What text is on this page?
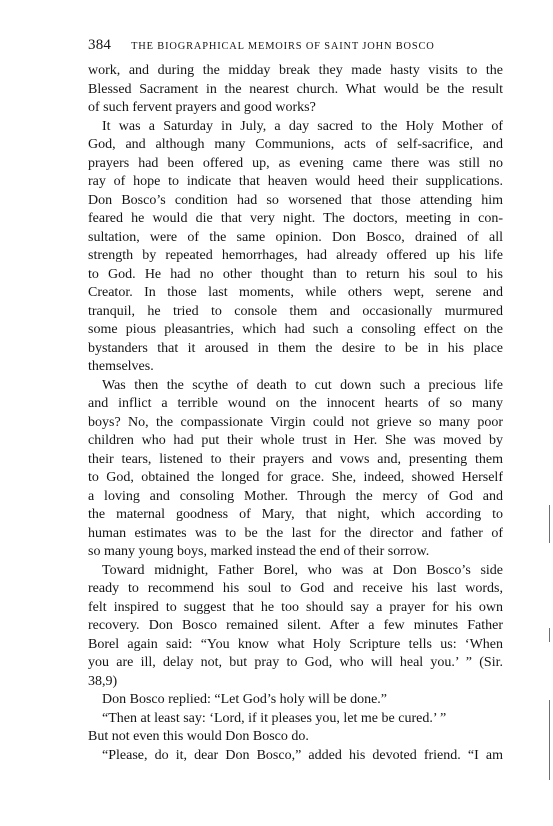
384 THE BIOGRAPHICAL MEMOIRS OF SAINT JOHN BOSCO
work, and during the midday break they made hasty visits to the
Blessed Sacrament in the nearest church. What would be the result
of such fervent prayers and good works?
It was a Saturday in July, a day sacred to the Holy Mother of
God, and although many Communions, acts of self-sacrifice, and
prayers had been offered up, as evening came there was still no
ray of hope to indicate that heaven would heed their supplications.
Don Bosco’s condition had so worsened that those attending him
feared he would die that very night. The doctors, meeting in con-
sultation, were of the same opinion. Don Bosco, drained of all
strength by repeated hemorrhages, had already offered up his life
to God. He had no other thought than to return his soul to his
Creator. In those last moments, while others wept, serene and
tranquil, he tried to console them and occasionally murmured
some pious pleasantries, which had such a consoling effect on the
bystanders that it aroused in them the desire to be in his place
themselves.
Was then the scythe of death to cut down such a precious life
and inflict a terrible wound on the innocent hearts of so many
boys? No, the compassionate Virgin could not grieve so many poor
children who had put their whole trust in Her. She was moved by
their tears, listened to their prayers and vows and, presenting them
to God, obtained the longed for grace. She, indeed, showed Herself
a loving and consoling Mother. Through the mercy of God and
the maternal goodness of Mary, that night, which according to
human estimates was to be the last for the director and father of
so many young boys, marked instead the end of their sorrow.
Toward midnight, Father Borel, who was at Don Bosco’s side
ready to recommend his soul to God and receive his last words,
felt inspired to suggest that he too should say a prayer for his own
recovery. Don Bosco remained silent. After a few minutes Father
Borel again said: “You know what Holy Scripture tells us: ‘When
you are ill, delay not, but pray to God, who will heal you.’ ” (Sir.
38,9)
Don Bosco replied: “Let God’s holy will be done.”
“Then at least say: ‘Lord, if it pleases you, let me be cured.’ ”
But not even this would Don Bosco do.
“Please, do it, dear Don Bosco,” added his devoted friend. “I am
